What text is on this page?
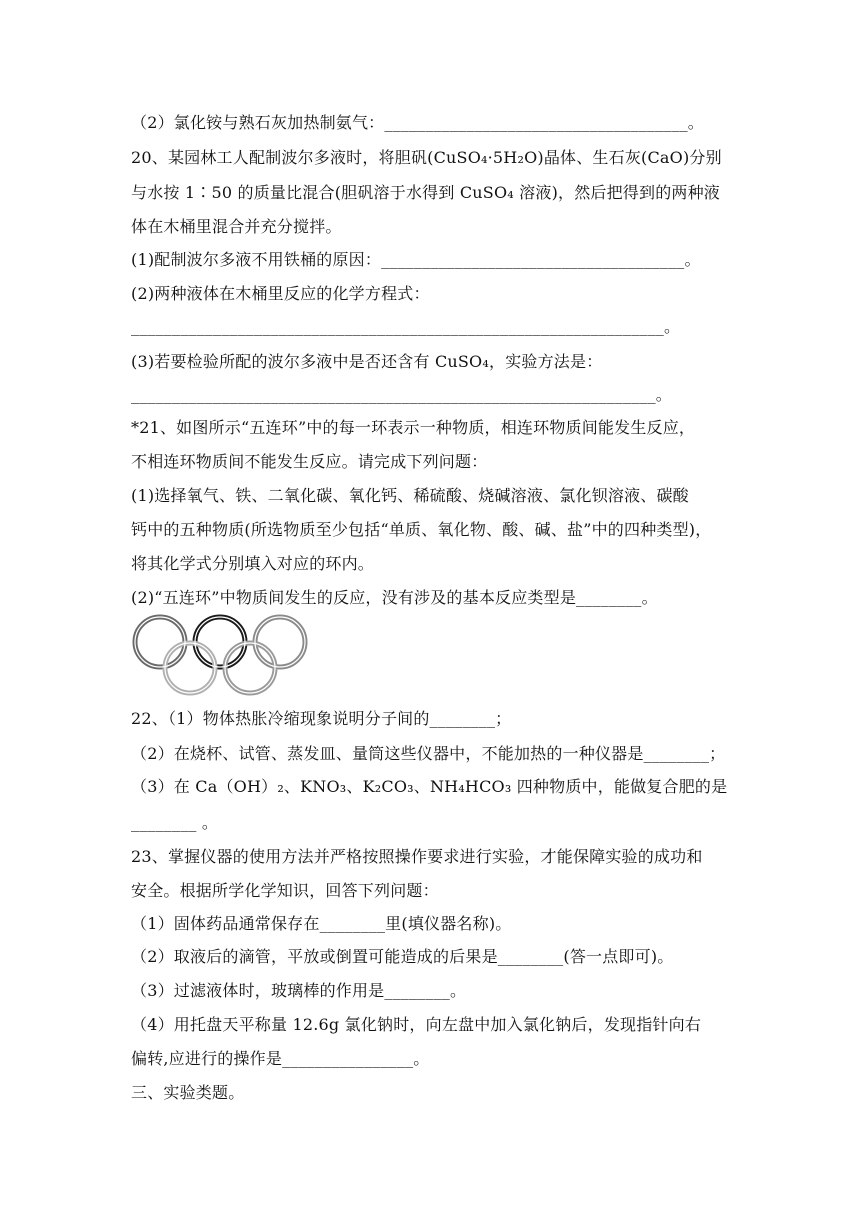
（2）氯化铵与熟石灰加热制氨气：_____________________________________。
20、某园林工人配制波尔多液时，将胆矾(CuSO₄·5H₂O)晶体、生石灰(CaO)分别
与水按 1∶50 的质量比混合(胆矾溶于水得到 CuSO₄ 溶液)，然后把得到的两种液
体在木桶里混合并充分搅拌。
(1)配制波尔多液不用铁桶的原因：_____________________________________。
(2)两种液体在木桶里反应的化学方程式：
_________________________________________________________________。
(3)若要检验所配的波尔多液中是否还含有 CuSO₄，实验方法是：
________________________________________________________________。
*21、如图所示“五连环”中的每一环表示一种物质，相连环物质间能发生反应，
不相连环物质间不能发生反应。请完成下列问题：
(1)选择氧气、铁、二氧化碳、氧化钙、稀硫酸、烧碱溶液、氯化钡溶液、碳酸
钙中的五种物质(所选物质至少包括“单质、氧化物、酸、碱、盐”中的四种类型)，
将其化学式分别填入对应的环内。
(2)“五连环”中物质间发生的反应，没有涉及的基本反应类型是________。
22、（1）物体热胀冷缩现象说明分子间的________；
（2）在烧杯、试管、蒸发皿、量筒这些仪器中，不能加热的一种仪器是________；
（3）在 Ca（OH）₂、KNO₃、K₂CO₃、NH₄HCO₃ 四种物质中，能做复合肥的是
________ 。
23、掌握仪器的使用方法并严格按照操作要求进行实验，才能保障实验的成功和
安全。根据所学化学知识，回答下列问题：
（1）固体药品通常保存在________里(填仪器名称)。
（2）取液后的滴管，平放或倒置可能造成的后果是________(答一点即可)。
（3）过滤液体时，玻璃棒的作用是________。
（4）用托盘天平称量 12.6g 氯化钠时，向左盘中加入氯化钠后，发现指针向右
偏转,应进行的操作是________________。
三、实验类题。
